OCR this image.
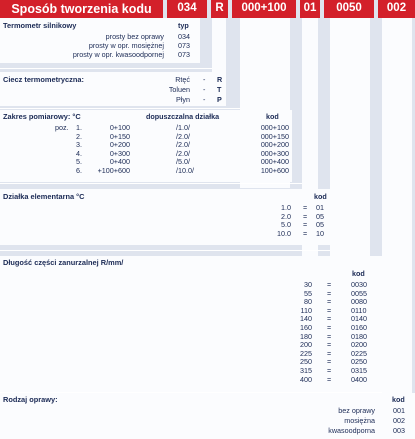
Sposób tworzenia kodu	034	R	000+100	01	0050	002
Termometr silnikowy	typ
prosty bez oprawy 034
prosty w opr. mosiężnej 073
prosty w opr. kwasoodpornej 073
Ciecz termometryczna:	Rtęć - R
Toluen - T
Płyn - P
Zakres pomiarowy: °C	dopuszczalna działka	kod
poz. 1.	0+100	/1.0/	000+100
2.	0+150	/2.0/	000+150
3.	0+200	/2.0/	000+200
4.	0+300	/2.0/	000+300
5.	0+400	/5.0/	000+400
6. +100+600	/10.0/	100+600
Działka elementarna °C	kod
1.0 = 01
2.0 = 05
5.0 = 05
10.0 = 10
Długość części zanurzalnej R/mm/
kod
30 =	0030
55 =	0055
80 =	0080
110 =	0110
140 =	0140
160 =	0160
180 =	0180
200 =	0200
225 =	0225
250 =	0250
315 =	0315
400 =	0400
Rodzaj oprawy:	kod
bez oprawy	001
mosiężna	002
kwasoodporna	003
